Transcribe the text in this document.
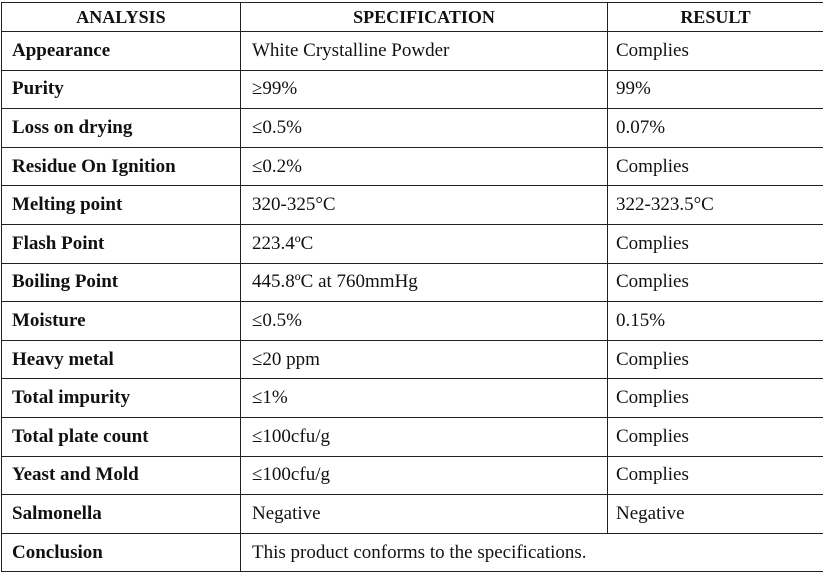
ANALYSIS	SPECIFICATION	RESULT
Appearance	White Crystalline Powder	Complies
Purity	≥99%	99%
Loss on drying	≤0.5%	0.07%
Residue On Ignition	≤0.2%	Complies
Melting point	320-325°C	322-323.5°C
Flash Point	223.4ºC	Complies
Boiling Point	445.8ºC at 760mmHg	Complies
Moisture	≤0.5%	0.15%
Heavy metal	≤20 ppm	Complies
Total impurity	≤1%	Complies
Total plate count	≤100cfu/g	Complies
Yeast and Mold	≤100cfu/g	Complies
Salmonella	Negative	Negative
Conclusion	This product conforms to the specifications.	
